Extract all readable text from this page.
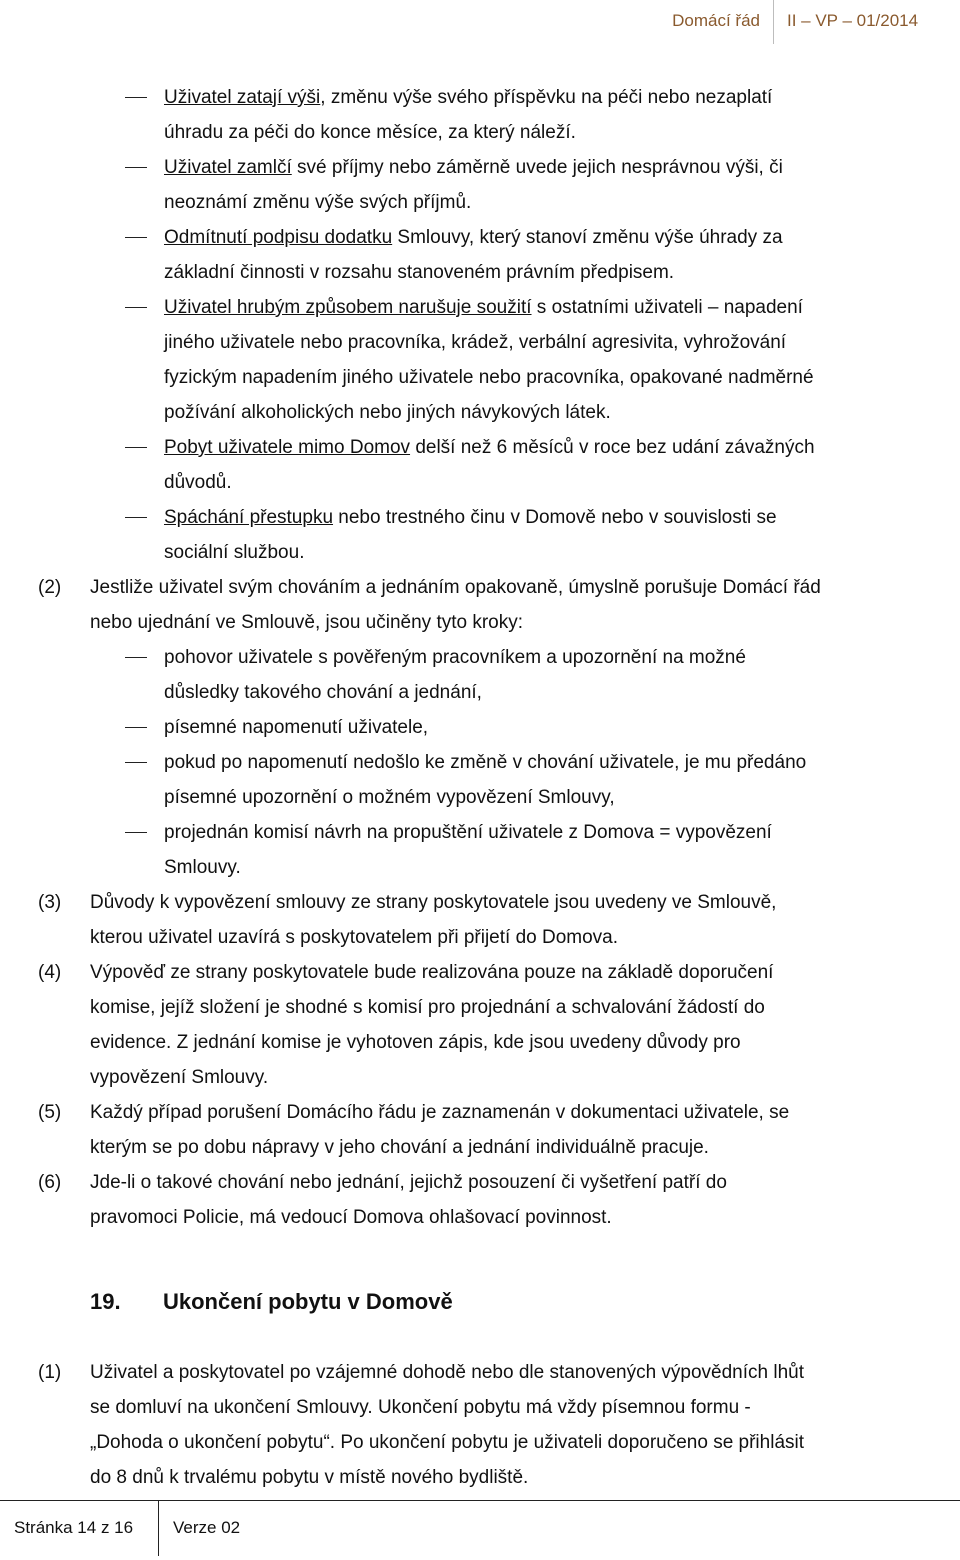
Domácí řád II – VP – 01/2014
Uživatel zatají výši, změnu výše svého příspěvku na péči nebo nezaplatí
úhradu za péči do konce měsíce, za který náleží.
Uživatel zamlčí své příjmy nebo záměrně uvede jejich nesprávnou výši, či
neoznámí změnu výše svých příjmů.
Odmítnutí podpisu dodatku Smlouvy, který stanoví změnu výše úhrady za
základní činnosti v rozsahu stanoveném právním předpisem.
Uživatel hrubým způsobem narušuje soužití s ostatními uživateli – napadení
jiného uživatele nebo pracovníka, krádež, verbální agresivita, vyhrožování
fyzickým napadením jiného uživatele nebo pracovníka, opakované nadměrné
požívání alkoholických nebo jiných návykových látek.
Pobyt uživatele mimo Domov delší než 6 měsíců v roce bez udání závažných
důvodů.
Spáchání přestupku nebo trestného činu v Domově nebo v souvislosti se
sociální službou.
(2) Jestliže uživatel svým chováním a jednáním opakovaně, úmyslně porušuje Domácí řád
nebo ujednání ve Smlouvě, jsou učiněny tyto kroky:
pohovor uživatele s pověřeným pracovníkem a upozornění na možné
důsledky takového chování a jednání,
písemné napomenutí uživatele,
pokud po napomenutí nedošlo ke změně v chování uživatele, je mu předáno
písemné upozornění o možném vypovězení Smlouvy,
projednán komisí návrh na propuštění uživatele z Domova = vypovězení
Smlouvy.
(3) Důvody k vypovězení smlouvy ze strany poskytovatele jsou uvedeny ve Smlouvě,
kterou uživatel uzavírá s poskytovatelem při přijetí do Domova.
(4) Výpověď ze strany poskytovatele bude realizována pouze na základě doporučení
komise, jejíž složení je shodné s komisí pro projednání a schvalování žádostí do
evidence. Z jednání komise je vyhotoven zápis, kde jsou uvedeny důvody pro
vypovězení Smlouvy.
(5) Každý případ porušení Domácího řádu je zaznamenán v dokumentaci uživatele, se
kterým se po dobu nápravy v jeho chování a jednání individuálně pracuje.
(6) Jde-li o takové chování nebo jednání, jejichž posouzení či vyšetření patří do
pravomoci Policie, má vedoucí Domova ohlašovací povinnost.
19. Ukončení pobytu v Domově
(1) Uživatel a poskytovatel po vzájemné dohodě nebo dle stanovených výpovědních lhůt
se domluví na ukončení Smlouvy. Ukončení pobytu má vždy písemnou formu -
„Dohoda o ukončení pobytu“. Po ukončení pobytu je uživateli doporučeno se přihlásit
do 8 dnů k trvalému pobytu v místě nového bydliště.
Stránka 14 z 16 Verze 02
